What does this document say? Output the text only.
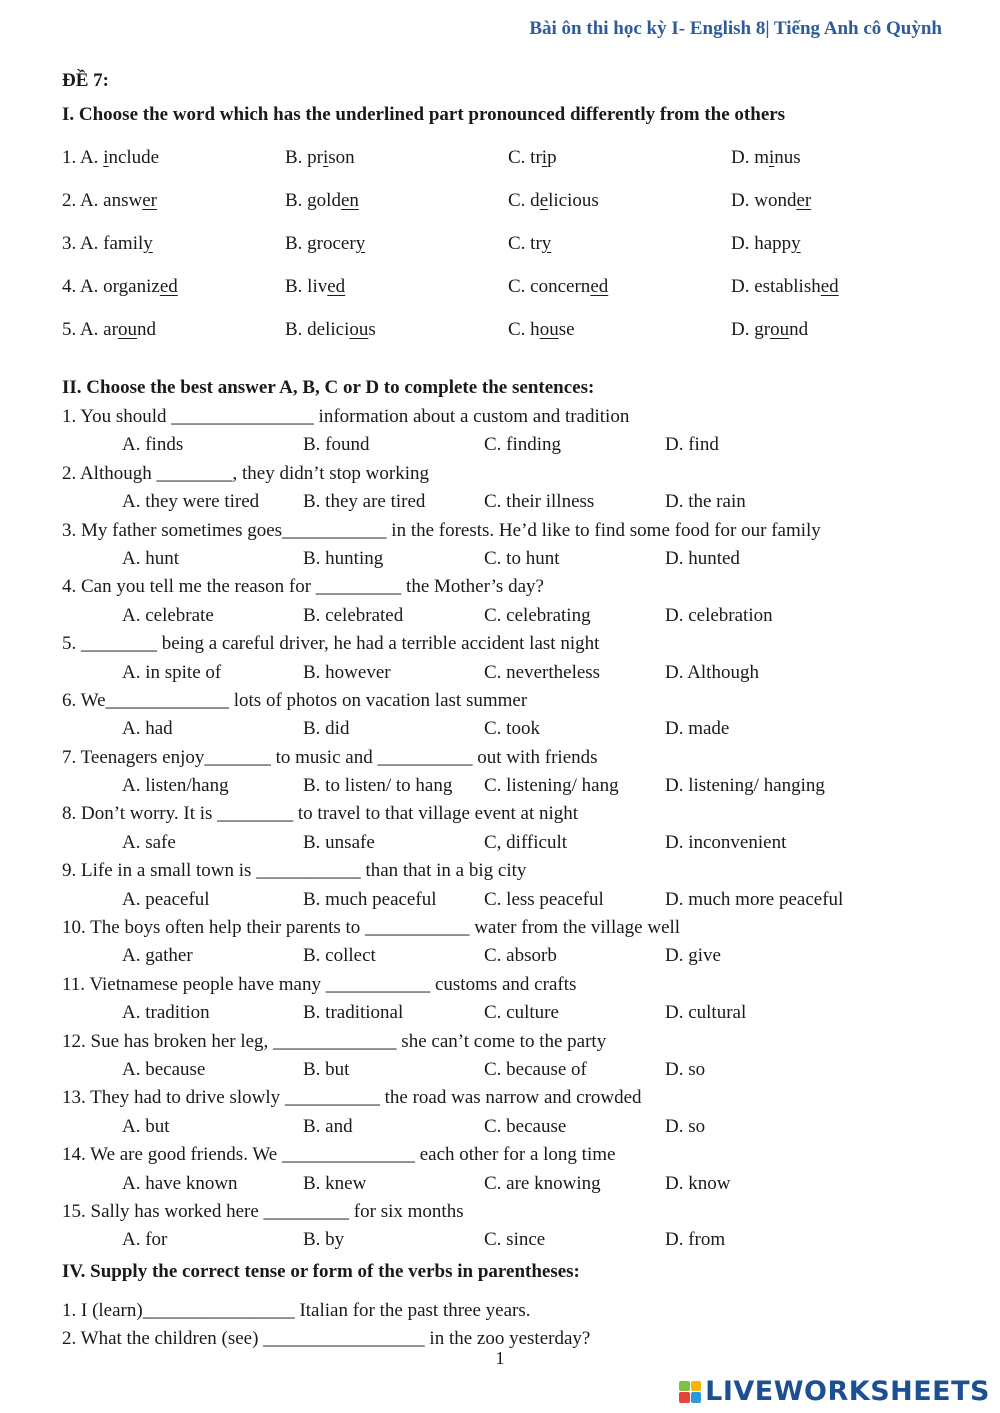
Bài ôn thi học kỳ I- English 8| Tiếng Anh cô Quỳnh
ĐỀ 7:
I. Choose the word which has the underlined part pronounced differently from the others
1. A. include	B. prison	C. trip	D. minus
2. A. answer	B. golden	C. delicious	D. wonder
3. A. family	B. grocery	C. try	D. happy
4. A. organized	B. lived	C. concerned	D. established
5. A. around	B. delicious	C. house	D. ground
II. Choose the best answer A, B, C or D to complete the sentences:
1. You should _______________ information about a custom and tradition
A. finds	B. found	C. finding	D. find
2. Although ________, they didn’t stop working
A. they were tired	B. they are tired	C. their illness	D. the rain
3. My father sometimes goes___________ in the forests. He’d like to find some food for our family
A. hunt	B. hunting	C. to hunt	D. hunted
4. Can you tell me the reason for _________ the Mother’s day?
A. celebrate	B. celebrated	C. celebrating	D. celebration
5. ________ being a careful driver, he had a terrible accident last night
A. in spite of	B. however	C. nevertheless	D. Although
6. We_____________ lots of photos on vacation last summer
A. had	B. did	C. took	D. made
7. Teenagers enjoy_______ to music and __________ out with friends
A. listen/hang	B. to listen/ to hang	C. listening/ hang	D. listening/ hanging
8. Don’t worry. It is ________ to travel to that village event at night
A. safe	B. unsafe	C, difficult	D. inconvenient
9. Life in a small town is ___________ than that in a big city
A. peaceful	B. much peaceful	C. less peaceful	D. much more peaceful
10. The boys often help their parents to ___________ water from the village well
A. gather	B. collect	C. absorb	D. give
11. Vietnamese people have many ___________ customs and crafts
A. tradition	B. traditional	C. culture	D. cultural
12. Sue has broken her leg, _____________ she can’t come to the party
A. because	B. but	C. because of	D. so
13. They had to drive slowly __________ the road was narrow and crowded
A. but	B. and	C. because	D. so
14. We are good friends. We ______________ each other for a long time
A. have known	B. knew	C. are knowing	D. know
15. Sally has worked here _________ for six months
A. for	B. by	C. since	D. from
IV. Supply the correct tense or form of the verbs in parentheses:
1. I (learn)________________ Italian for the past three years.
2. What the children (see) _________________ in the zoo yesterday?
1
LIVEWORKSHEETS
